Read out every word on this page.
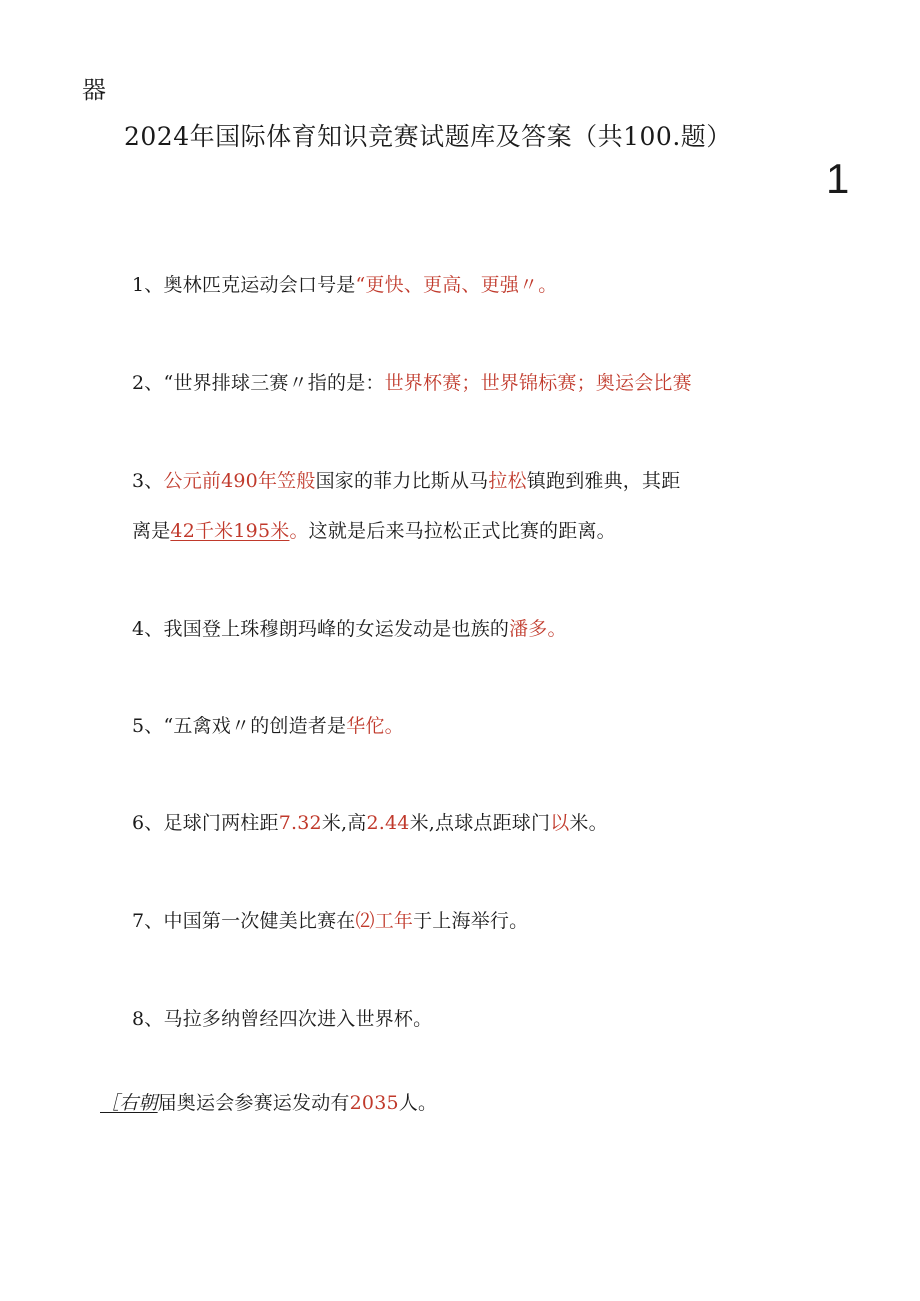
器
2024年国际体育知识竞赛试题库及答案（共100.题）
1
1、奥林匹克运动会口号是“更快、更高、更强〃。
2、“世界排球三赛〃指的是：世界杯赛；世界锦标赛；奥运会比赛
3、公元前490年笠般国家的菲力比斯从马拉松镇跑到雅典，其距
离是42千米195米。这就是后来马拉松正式比赛的距离。
4、我国登上珠穆朗玛峰的女运发动是也族的潘多。
5、“五禽戏〃的创造者是华佗。
6、足球门两柱距7.32米,高2.44米,点球点距球门以米。
7、中国第一次健美比赛在⑵工年于上海举行。
8、马拉多纳曾经四次进入世界杯。
［右朝届奥运会参赛运发动有2035人。
